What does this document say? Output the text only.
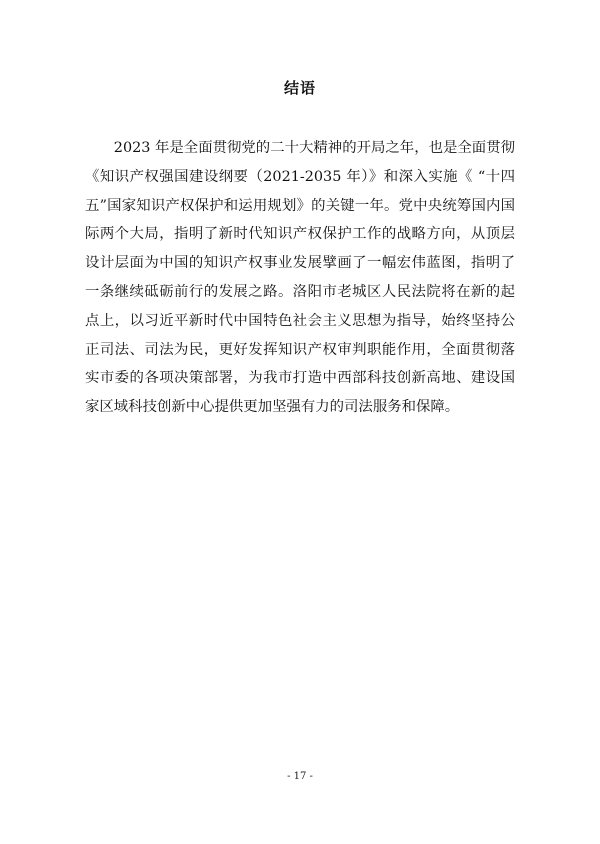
结语

2023 年是全面贯彻党的二十大精神的开局之年，也是全面贯彻《知识产权强国建设纲要（2021-2035 年）》和深入实施《 “十四五”国家知识产权保护和运用规划》的关键一年。党中央统筹国内国际两个大局，指明了新时代知识产权保护工作的战略方向，从顶层设计层面为中国的知识产权事业发展擘画了一幅宏伟蓝图，指明了一条继续砥砺前行的发展之路。洛阳市老城区人民法院将在新的起点上，以习近平新时代中国特色社会主义思想为指导，始终坚持公正司法、司法为民，更好发挥知识产权审判职能作用，全面贯彻落实市委的各项决策部署，为我市打造中西部科技创新高地、建设国家区域科技创新中心提供更加坚强有力的司法服务和保障。

- 17 -
